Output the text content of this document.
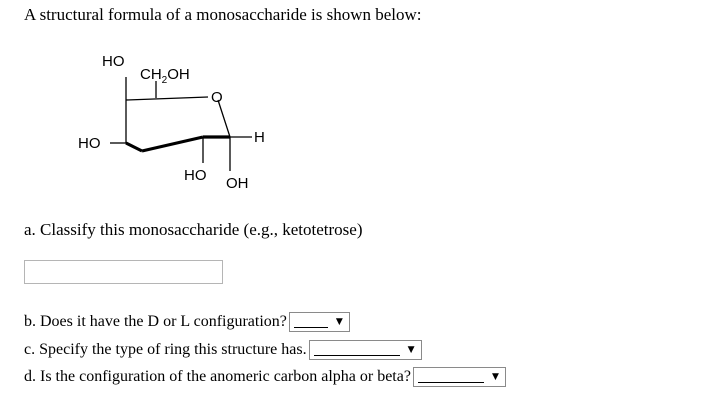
A structural formula of a monosaccharide is shown below:
HO
$CH_2OH$
O
HO	H
HO OH
a. Classify this monosaccharide (e.g., ketotetrose)
b. Does it have the D or L configuration?	▼
c. Specify the type of ring this structure has.	▼
d. Is the configuration of the anomeric carbon alpha or beta?	▼
